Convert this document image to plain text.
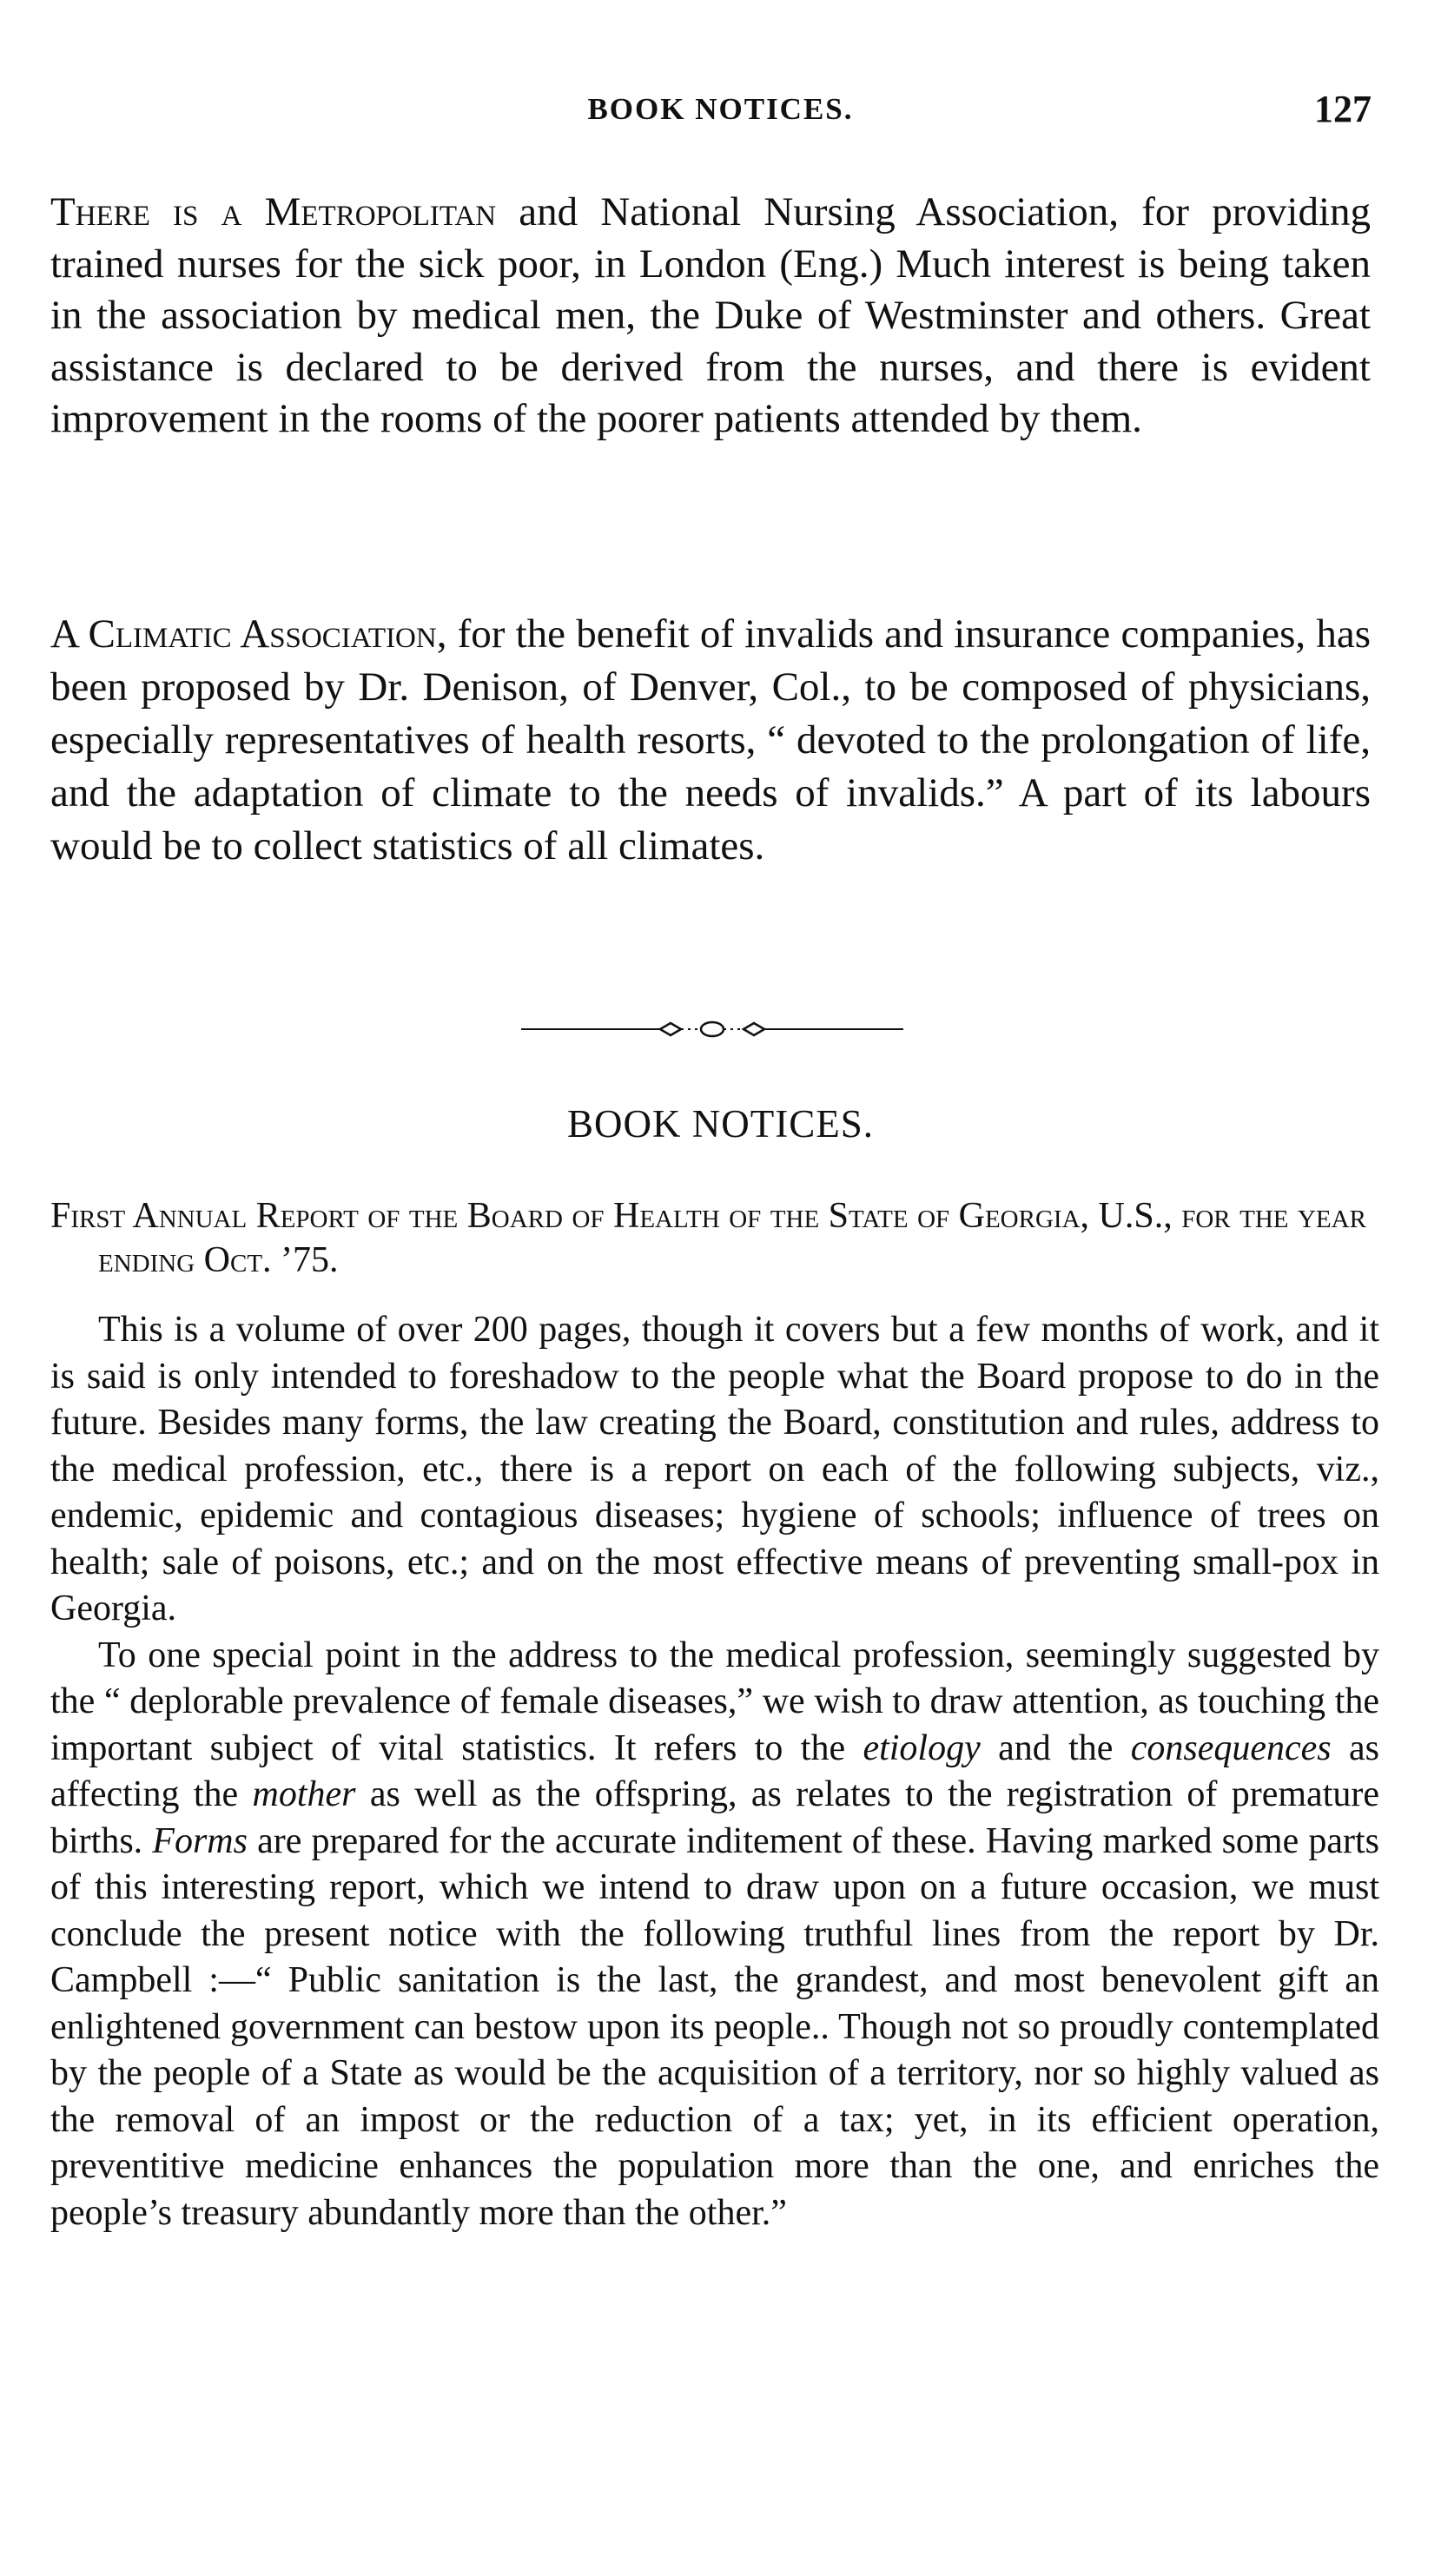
BOOK NOTICES.	127
There is a Metropolitan and National Nursing Association, for providing trained nurses for the sick poor, in London (Eng.) Much interest is being taken in the association by medical men, the Duke of Westminster and others. Great assistance is declared to be derived from the nurses, and there is evident improvement in the rooms of the poorer patients attended by them.
A Climatic Association, for the benefit of invalids and insurance companies, has been proposed by Dr. Denison, of Denver, Col., to be composed of physicians, especially representatives of health resorts, “ devoted to the prolongation of life, and the adaptation of climate to the needs of invalids.” A part of its labours would be to collect statistics of all climates.
BOOK NOTICES.
First Annual Report of the Board of Health of the State of Georgia, U.S., for the year ending Oct. ’75.

This is a volume of over 200 pages, though it covers but a few months of work, and it is said is only intended to foreshadow to the people what the Board propose to do in the future. Besides many forms, the law creating the Board, constitution and rules, address to the medical profession, etc., there is a report on each of the following subjects, viz., endemic, epidemic and contagious diseases; hygiene of schools; influence of trees on health; sale of poisons, etc.; and on the most effective means of preventing small-pox in Georgia.

To one special point in the address to the medical profession, seemingly suggested by the “ deplorable prevalence of female diseases,” we wish to draw attention, as touching the important subject of vital statistics. It refers to the etiology and the consequences as affecting the mother as well as the offspring, as relates to the registration of premature births. Forms are prepared for the accurate inditement of these. Having marked some parts of this interesting report, which we intend to draw upon on a future occasion, we must conclude the present notice with the following truthful lines from the report by Dr. Campbell :—“ Public sanitation is the last, the grandest, and most benevolent gift an enlightened government can bestow upon its people.. Though not so proudly contemplated by the people of a State as would be the acquisition of a territory, nor so highly valued as the removal of an impost or the reduction of a tax; yet, in its efficient operation, preventitive medicine enhances the population more than the one, and enriches the people’s treasury abundantly more than the other.”
